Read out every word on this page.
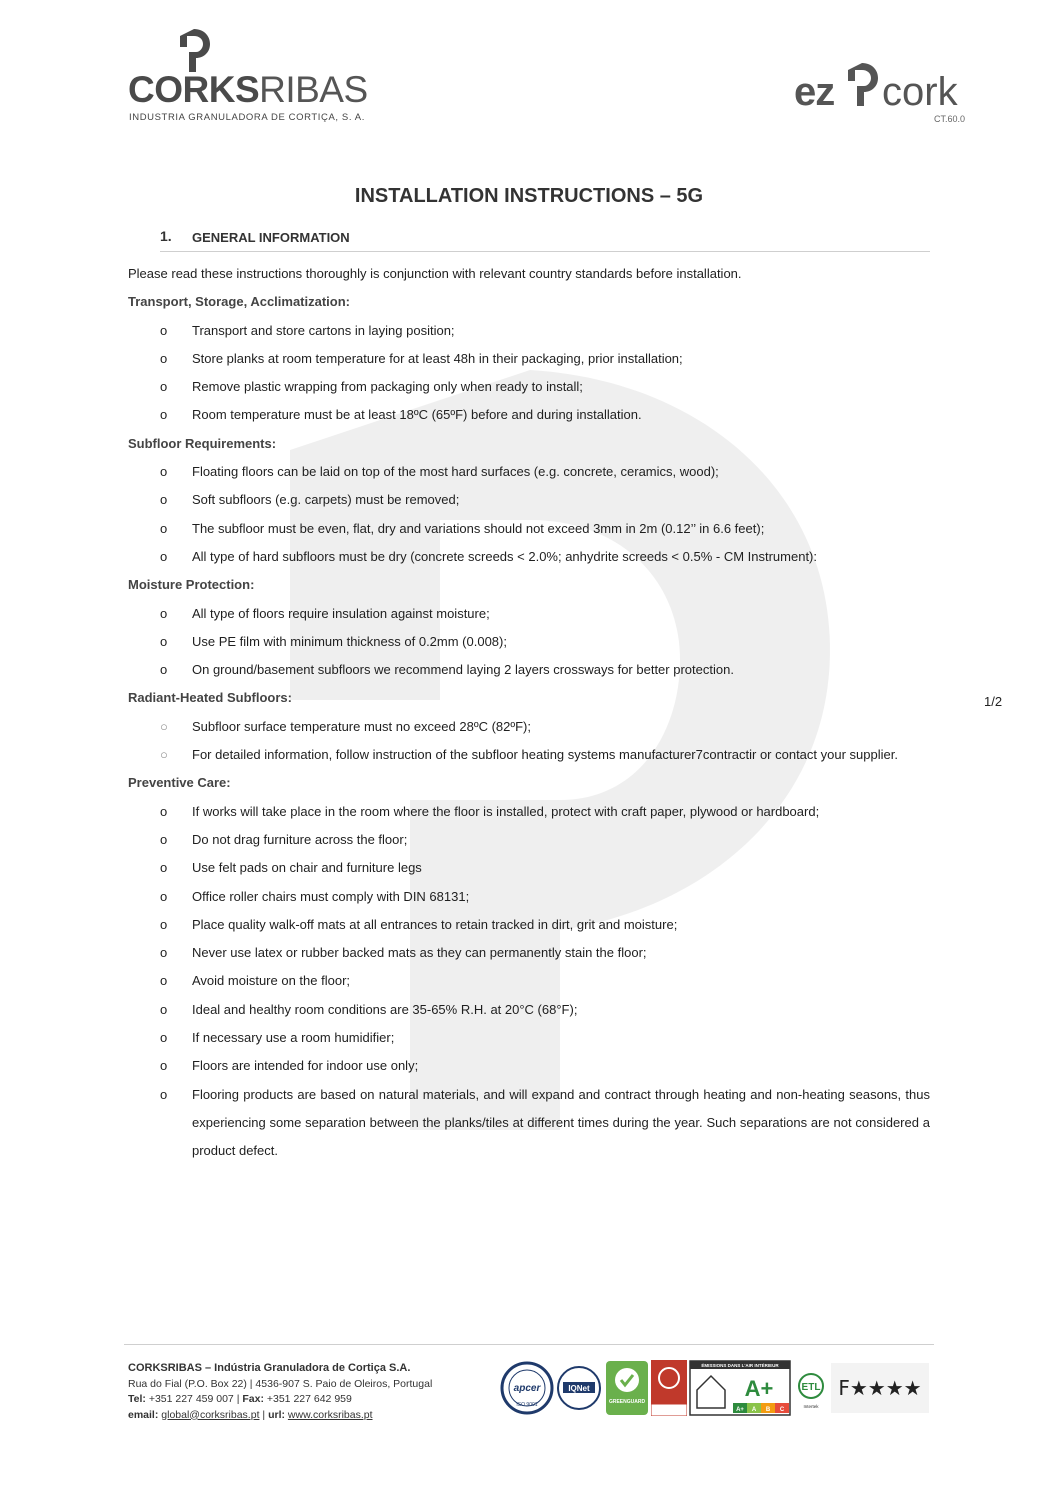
CORKSRIBAS
INDUSTRIA GRANULADORA DE CORTIÇA, S. A.
ez cork
CT.60.0
INSTALLATION INSTRUCTIONS – 5G
1. GENERAL INFORMATION

Please read these instructions thoroughly is conjunction with relevant country standards before installation.

Transport, Storage, Acclimatization:

o	Transport and store cartons in laying position;
o	Store planks at room temperature for at least 48h in their packaging, prior installation;
o	Remove plastic wrapping from packaging only when ready to install;
o	Room temperature must be at least 18ºC (65ºF) before and during installation.

Subfloor Requirements:

o	Floating floors can be laid on top of the most hard surfaces (e.g. concrete, ceramics, wood);
o	Soft subfloors (e.g. carpets) must be removed;
o	The subfloor must be even, flat, dry and variations should not exceed 3mm in 2m (0.12’’ in 6.6 feet);
o	All type of hard subfloors must be dry (concrete screeds < 2.0%; anhydrite screeds < 0.5% - CM Instrument):

Moisture Protection:

o	All type of floors require insulation against moisture;
o	Use PE film with minimum thickness of 0.2mm (0.008);
o	On ground/basement subfloors we recommend laying 2 layers crossways for better protection.

Radiant-Heated Subfloors:

○	Subfloor surface temperature must no exceed 28ºC (82ºF);
○	For detailed information, follow instruction of the subfloor heating systems manufacturer7contractir or contact your supplier.

Preventive Care:

o	If works will take place in the room where the floor is installed, protect with craft paper, plywood or hardboard;
o	Do not drag furniture across the floor;
o	Use felt pads on chair and furniture legs
o	Office roller chairs must comply with DIN 68131;
o	Place quality walk-off mats at all entrances to retain tracked in dirt, grit and moisture;
o	Never use latex or rubber backed mats as they can permanently stain the floor;
o	Avoid moisture on the floor;
o	Ideal and healthy room conditions are 35-65% R.H. at 20°C (68°F);
o	If necessary use a room humidifier;
o	Floors are intended for indoor use only;
o	Flooring products are based on natural materials, and will expand and contract through heating and non-heating seasons, thus experiencing some separation between the planks/tiles at different times during the year. Such separations are not considered a product defect.
1/2
CORKSRIBAS – Indústria Granuladora de Cortiça S.A.
Rua do Fial (P.O. Box 22) | 4536-907 S. Paio de Oleiros, Portugal
Tel: +351 227 459 007 | Fax: +351 227 642 959
email: global@corksribas.pt | url: www.corksribas.pt
apcer
ISO 9001
IQNet
GREENGUARD
ÉMISSIONS DANS L'AIR INTÉRIEUR
A+
A+ A B C
ETL
Intertek
F★★★★
